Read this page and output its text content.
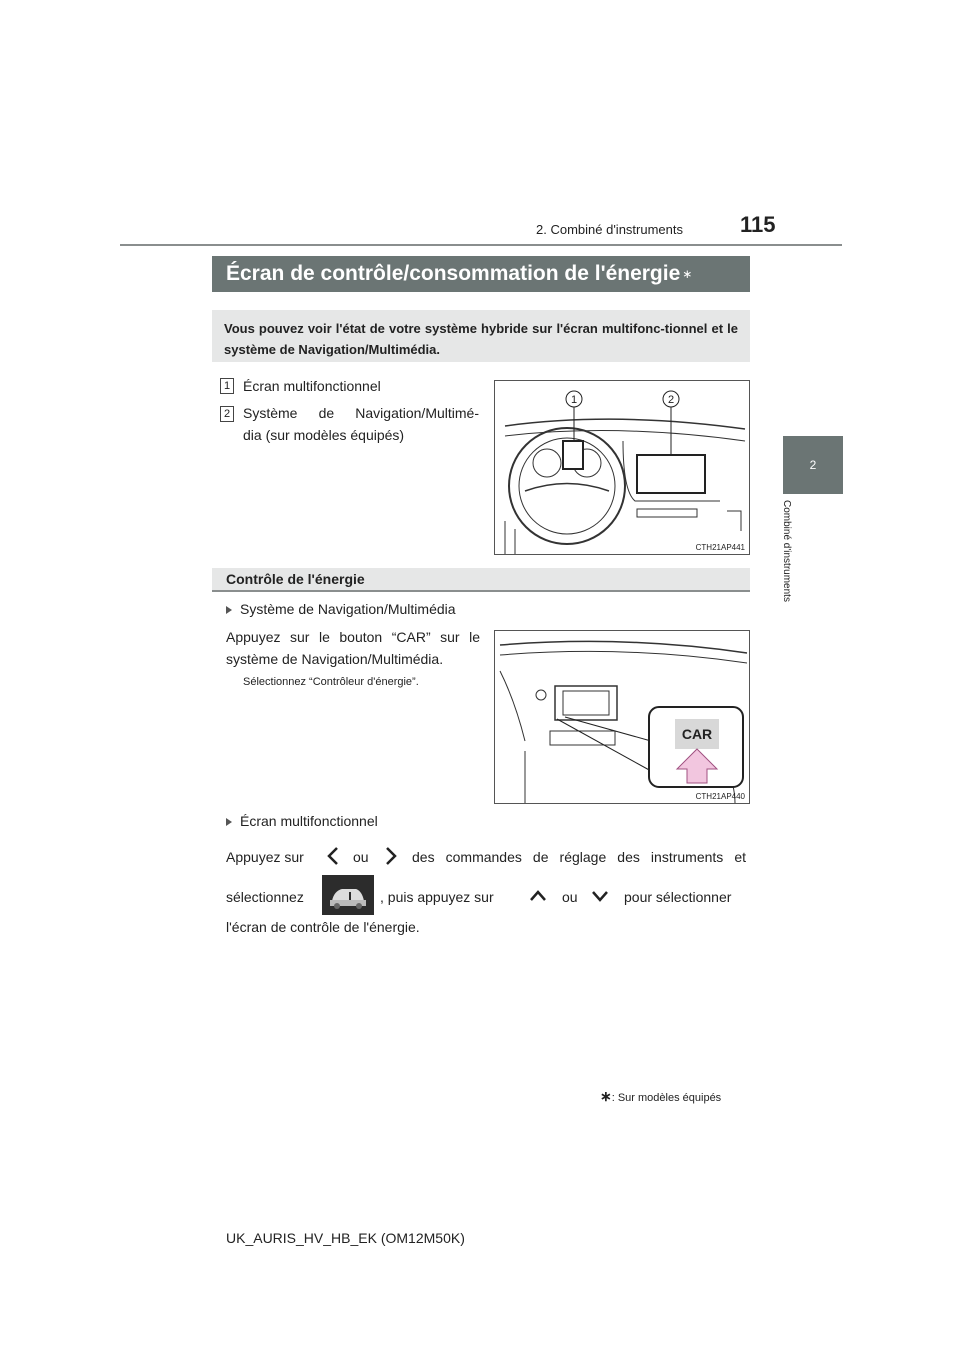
2. Combiné d'instruments	115
2
Combiné d'instruments
Écran de contrôle/consommation de l'énergie ∗
Vous pouvez voir l'état de votre système hybride sur l'écran multifonc-tionnel et le système de Navigation/Multimédia.
1 Écran multifonctionnel
2 Système de Navigation/Multimé-
dia (sur modèles équipés)
1	2
CTH21AP441
Contrôle de l'énergie
Système de Navigation/Multimédia
Appuyez sur le bouton “CAR” sur le
système de Navigation/Multimédia.
Sélectionnez “Contrôleur d'énergie”.
CAR
CTH21AP440
Écran multifonctionnel
Appuyez sur	ou	des commandes de réglage des instruments et
sélectionnez	, puis appuyez sur	ou	pour sélectionner
l'écran de contrôle de l'énergie.
∗: Sur modèles équipés
UK_AURIS_HV_HB_EK (OM12M50K)
